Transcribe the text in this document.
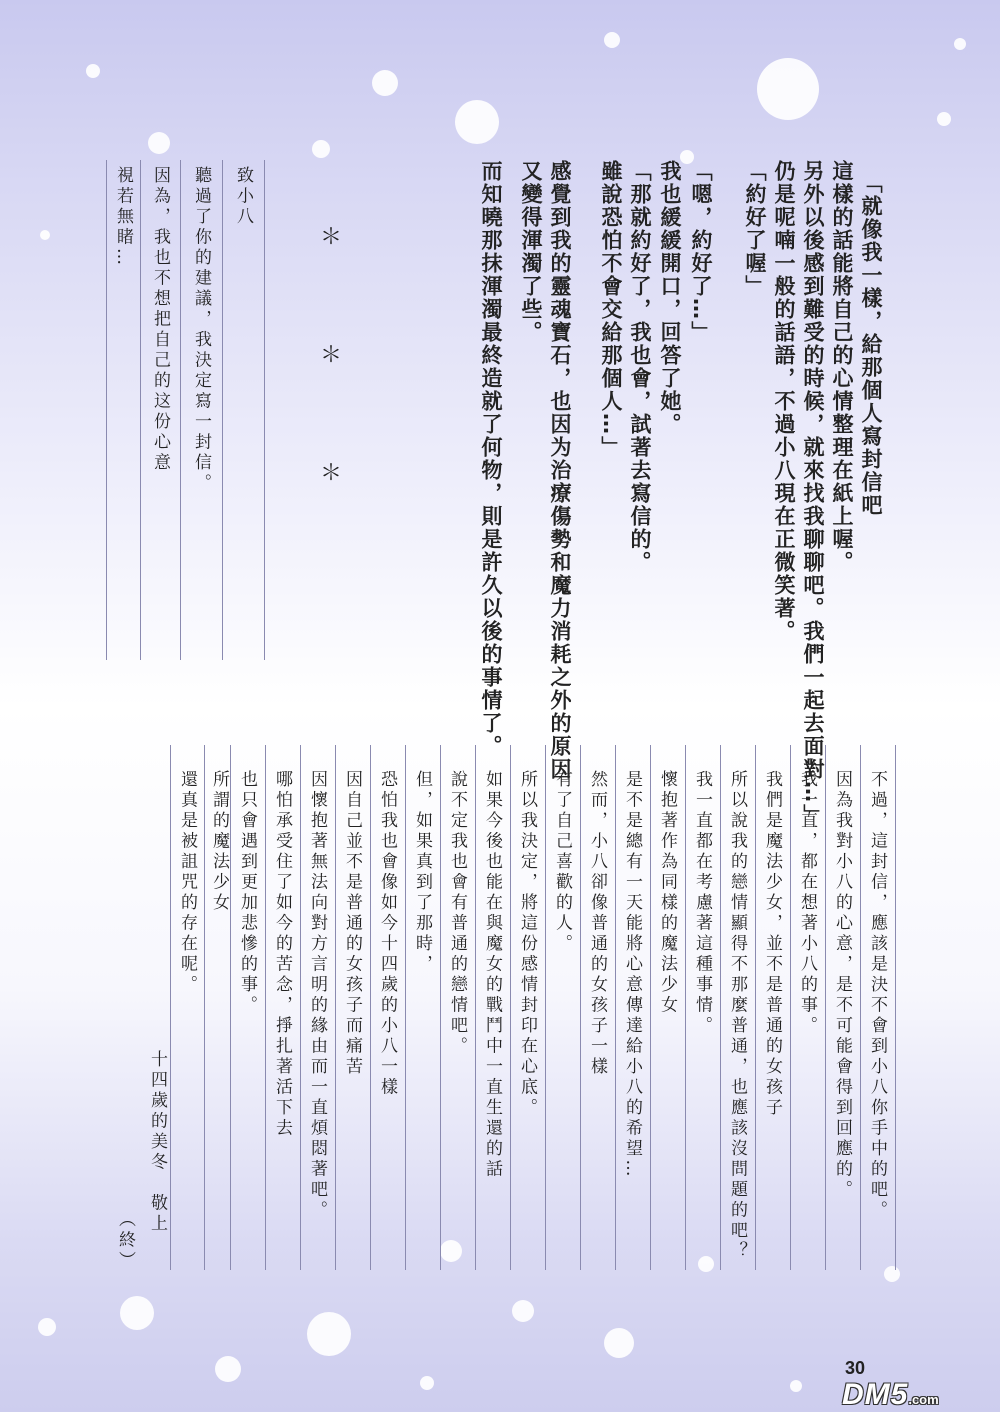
「就像我一樣，給那個人寫封信吧
這樣的話能將自己的心情整理在紙上喔。
另外以後感到難受的時候，就來找我聊聊吧。我們一起去面對…」
仍是呢喃一般的話語，不過小八現在正微笑著。
「約好了喔」
「嗯，約好了…」
我也緩緩開口，回答了她。
「那就約好了，我也會，試著去寫信的。
雖說恐怕不會交給那個人…」
感覺到我的靈魂寶石，也因为治療傷勢和魔力消耗之外的原因
又變得渾濁了些。
而知曉那抹渾濁最終造就了何物，則是許久以後的事情了。
＊
＊
＊
致小八
聽過了你的建議，我決定寫一封信。
因為，我也不想把自己的这份心意
視若無睹…
不過，這封信，應該是決不會到小八你手中的吧。
因為我對小八的心意，是不可能會得到回應的。
我一直，都在想著小八的事。
我們是魔法少女，並不是普通的女孩子
所以說我的戀情顯得不那麼普通，也應該沒問題的吧？
我一直都在考慮著這種事情。
懷抱著作為同樣的魔法少女
是不是總有一天能將心意傳達給小八的希望…
然而，小八卻像普通的女孩子一樣
有了自己喜歡的人。
所以我決定，將這份感情封印在心底。
如果今後也能在與魔女的戰鬥中一直生還的話
說不定我也會有普通的戀情吧。
但，如果真到了那時，
恐怕我也會像如今十四歲的小八一樣
因自己並不是普通的女孩子而痛苦
因懷抱著無法向對方言明的緣由而一直煩悶著吧。
哪怕承受住了如今的苦念，掙扎著活下去
也只會遇到更加悲慘的事。
所謂的魔法少女
還真是被詛咒的存在呢。
十四歲的美冬　敬上
（終）
30
DM5.com
